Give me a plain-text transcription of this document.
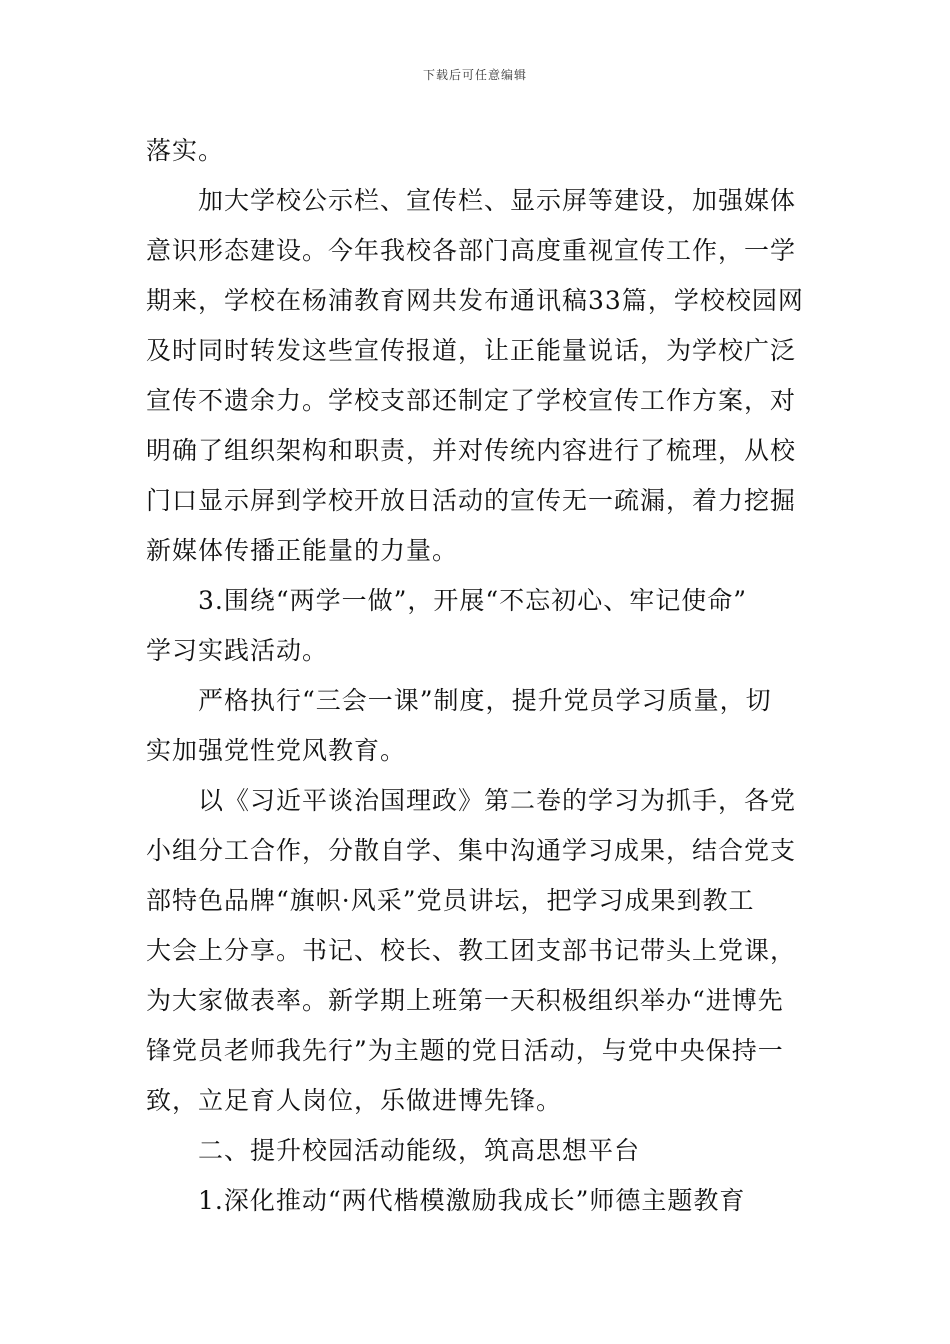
下载后可任意编辑
落实。
加大学校公示栏、宣传栏、显示屏等建设，加强媒体
意识形态建设。今年我校各部门高度重视宣传工作，一学
期来，学校在杨浦教育网共发布通讯稿33篇，学校校园网
及时同时转发这些宣传报道，让正能量说话，为学校广泛
宣传不遗余力。学校支部还制定了学校宣传工作方案，对
明确了组织架构和职责，并对传统内容进行了梳理，从校
门口显示屏到学校开放日活动的宣传无一疏漏，着力挖掘
新媒体传播正能量的力量。
3.围绕“两学一做”，开展“不忘初心、牢记使命”
学习实践活动。
严格执行“三会一课”制度，提升党员学习质量，切
实加强党性党风教育。
以《习近平谈治国理政》第二卷的学习为抓手，各党
小组分工合作，分散自学、集中沟通学习成果，结合党支
部特色品牌“旗帜·风采”党员讲坛，把学习成果到教工
大会上分享。书记、校长、教工团支部书记带头上党课，
为大家做表率。新学期上班第一天积极组织举办“进博先
锋党员老师我先行”为主题的党日活动，与党中央保持一
致，立足育人岗位，乐做进博先锋。
二、提升校园活动能级，筑高思想平台
1.深化推动“两代楷模激励我成长”师德主题教育
